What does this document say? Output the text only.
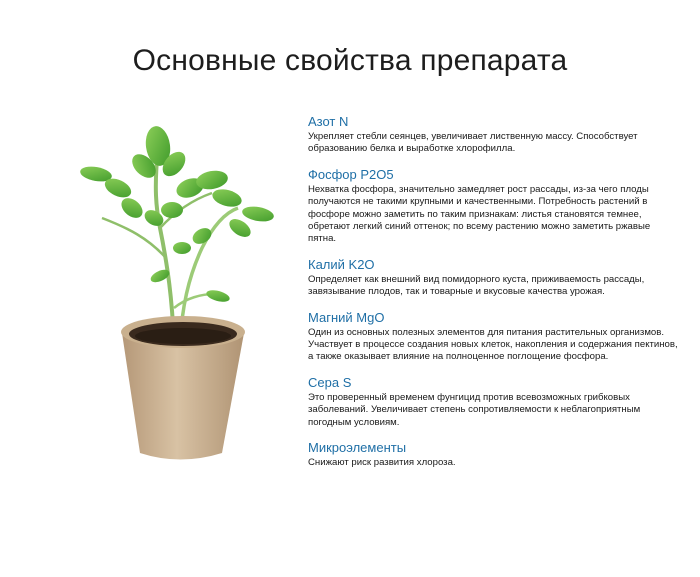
Основные свойства препарата
Азот N

Укрепляет стебли сеянцев, увеличивает лиственную массу. Способствует образованию белка и выработке хлорофилла.

Фосфор P2O5

Нехватка фосфора, значительно замедляет рост рассады, из-за чего плоды получаются не такими крупными и качественными. Потребность растений в фосфоре можно заметить по таким признакам: листья становятся темнее, обретают легкий синий оттенок; по всему растению можно заметить ржавые пятна.

Калий K2O

Определяет как внешний вид помидорного куста, приживаемость рассады, завязывание плодов, так и товарные и вкусовые качества урожая.

Магний MgO

Один из основных полезных элементов для питания растительных организмов. Участвует в процессе создания новых клеток, накопления и содержания пектинов, а также оказывает влияние на полноценное поглощение фосфора.

Сера S

Это проверенный временем фунгицид против всевозможных грибковых заболеваний. Увеличивает степень сопротивляемости к неблагоприятным погодным условиям.

Микроэлементы

Снижают риск развития хлороза.
